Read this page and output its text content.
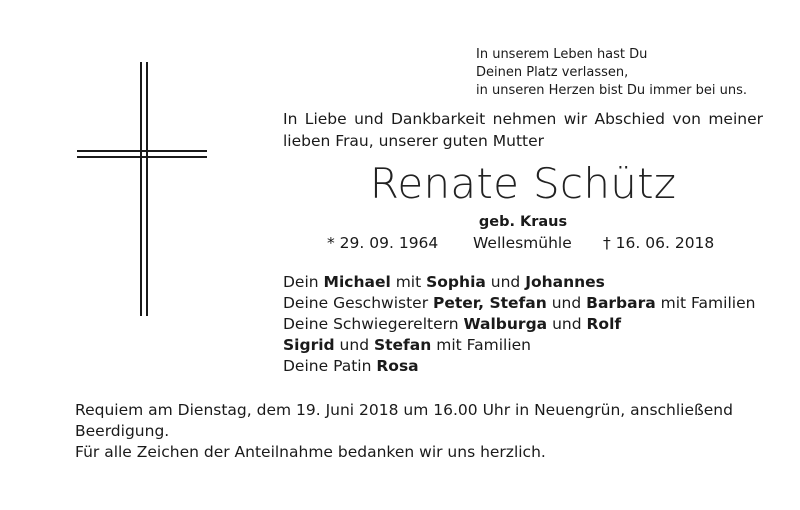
In unserem Leben hast Du
Deinen Platz verlassen,
in unseren Herzen bist Du immer bei uns.
In Liebe und Dankbarkeit nehmen wir Abschied von meiner
lieben Frau, unserer guten Mutter
Renate Schütz
geb. Kraus
* 29. 09. 1964 Wellesmühle † 16. 06. 2018
Dein Michael mit Sophia und Johannes
Deine Geschwister Peter, Stefan und Barbara mit Familien
Deine Schwiegereltern Walburga und Rolf
Sigrid und Stefan mit Familien
Deine Patin Rosa
Requiem am Dienstag, dem 19. Juni 2018 um 16.00 Uhr in Neuengrün, anschließend
Beerdigung.
Für alle Zeichen der Anteilnahme bedanken wir uns herzlich.
